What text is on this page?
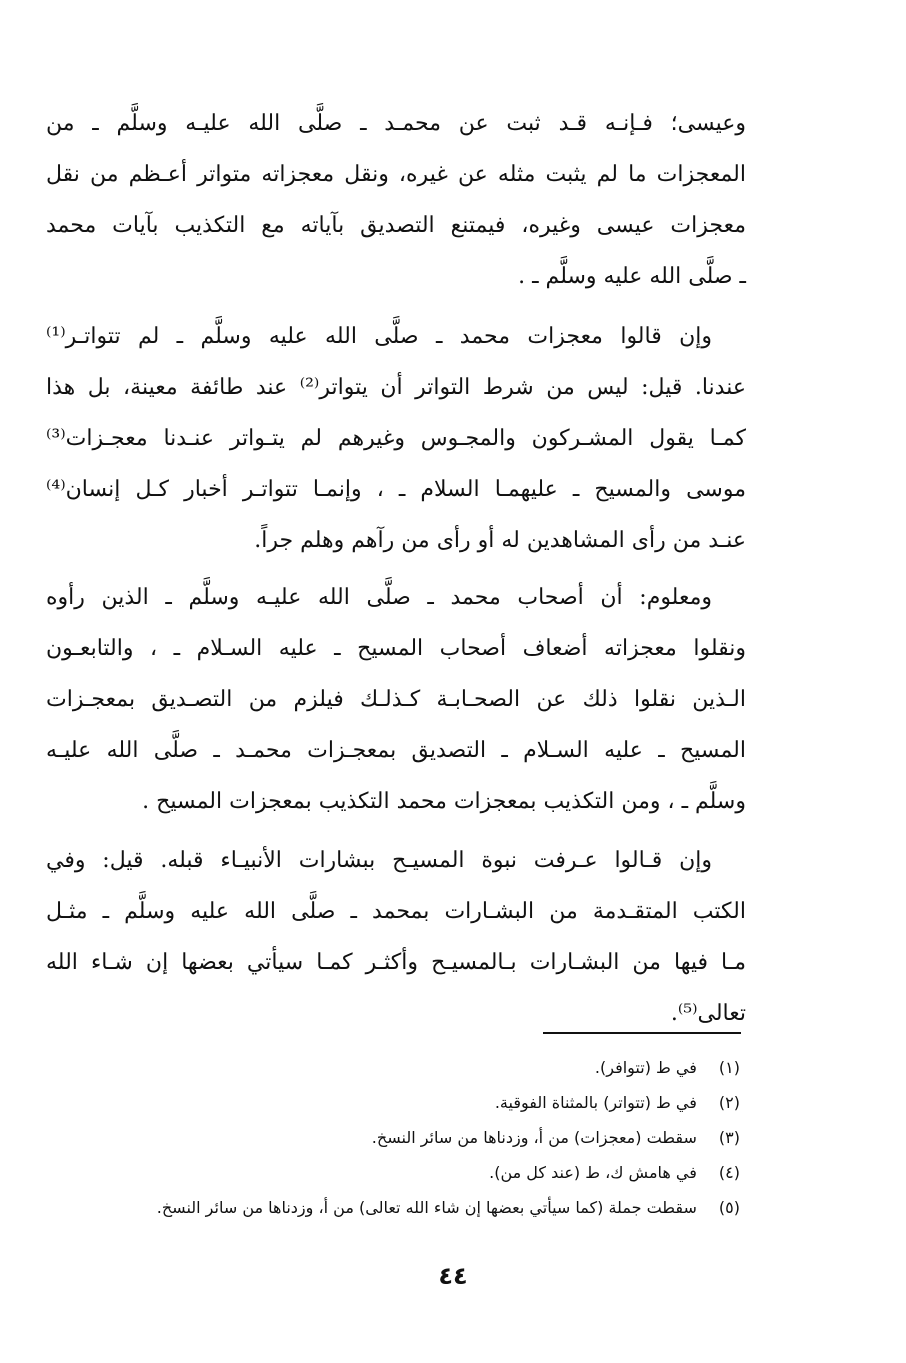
وعيسى؛ فـإنـه قـد ثبت عن محمـد ـ صلَّى الله عليـه وسلَّم ـ من
المعجزات ما لم يثبت مثله عن غيره، ونقل معجزاته متواتر أعـظم من نقل
معجزات عيسى وغيره، فيمتنع التصديق بآياته مع التكذيب بآيات محمد
ـ صلَّى الله عليه وسلَّم ـ .
وإن قالوا معجزات محمد ـ صلَّى الله عليه وسلَّم ـ لم تتواتـر⁽¹⁾
عندنا. قيل: ليس من شرط التواتر أن يتواتر⁽²⁾ عند طائفة معينة، بل هذا
كمـا يقول المشـركون والمجـوس وغيرهم لم يتـواتر عنـدنا معجـزات⁽³⁾
موسى والمسيح ـ عليهمـا السلام ـ ، وإنمـا تتواتـر أخبار كـل إنسان⁽⁴⁾
عنـد من رأى المشاهدين له أو رأى من رآهم وهلم جراً.
ومعلوم: أن أصحاب محمد ـ صلَّى الله عليـه وسلَّم ـ الذين رأوه
ونقلوا معجزاته أضعاف أصحاب المسيح ـ عليه السـلام ـ ، والتابعـون
الـذين نقلوا ذلك عن الصحـابـة كـذلـك فيلزم من التصـديق بمعجـزات
المسيح ـ عليه السـلام ـ التصديق بمعجـزات محمـد ـ صلَّى الله عليـه
وسلَّم ـ ، ومن التكذيب بمعجزات محمد التكذيب بمعجزات المسيح .
وإن قـالوا عـرفت نبوة المسيـح ببشارات الأنبيـاء قبله. قيل: وفي
الكتب المتقـدمة من البشـارات بمحمد ـ صلَّى الله عليه وسلَّم ـ مثـل
مـا فيها من البشـارات بـالمسيـح وأكثـر كمـا سيأتي بعضها إن شـاء الله
تعالى⁽⁵⁾.
(١) في ط (تتوافر).
(٢) في ط (تتواتر) بالمثناة الفوقية.
(٣) سقطت (معجزات) من أ، وزدناها من سائر النسخ.
(٤) في هامش ك، ط (عند كل من).
(٥) سقطت جملة (كما سيأتي بعضها إن شاء الله تعالى) من أ، وزدناها من سائر النسخ.
٤٤
